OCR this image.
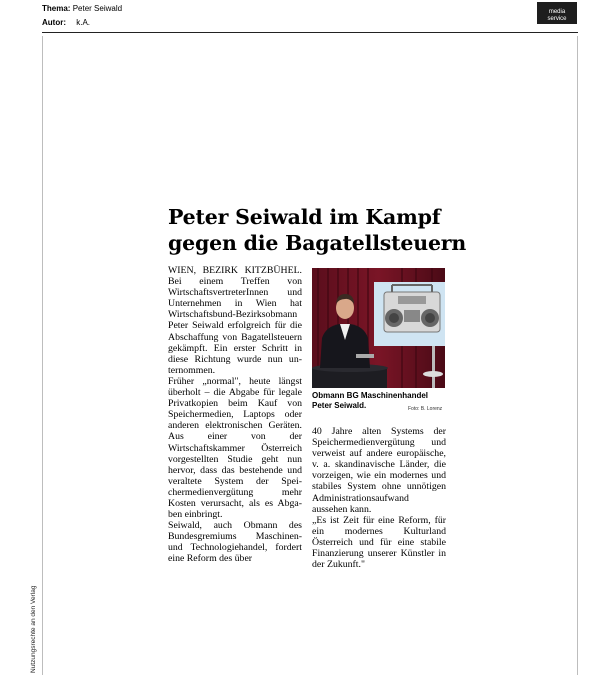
Thema: Peter Seiwald
Autor: k.A.
media
service
Nutzungsrechte an den Verlag
Peter Seiwald im Kampf
gegen die Bagatellsteuern

WIEN, BEZIRK KITZBÜHEL. Bei einem Treffen von WirtschaftsvertreterInnen und Unternehmen in Wien hat Wirtschaftsbund-Bezirksobmann Peter Seiwald erfolgreich für die Abschaffung von Bagatellsteuern gekämpft. Ein erster Schritt in diese Richtung wurde nun unternommen.

Früher „normal", heute längst überholt – die Abgabe für legale Privatkopien beim Kauf von Speichermedien, Laptops oder anderen elektronischen Geräten. Aus einer von der Wirtschaftskammer Österreich vorgestellten Studie geht nun hervor, dass das bestehende und veraltete System der Speichermedienvergütung mehr Kosten verursacht, als es Abgaben einbringt.

Seiwald, auch Obmann des Bundesgremiums Maschinen- und Technologiehandel, fordert eine Reform des über

Obmann BG Maschinenhandel
Peter Seiwald.	Foto: B. Lorenz

40 Jahre alten Systems der Speichermedienvergütung und verweist auf andere europäische, v. a. skandinavische Länder, die vorzeigen, wie ein modernes und stabiles System ohne unnötigen Administrationsaufwand aussehen kann.

„Es ist Zeit für eine Reform, für ein modernes Kulturland Österreich und für eine stabile Finanzierung unserer Künstler in der Zukunft."
